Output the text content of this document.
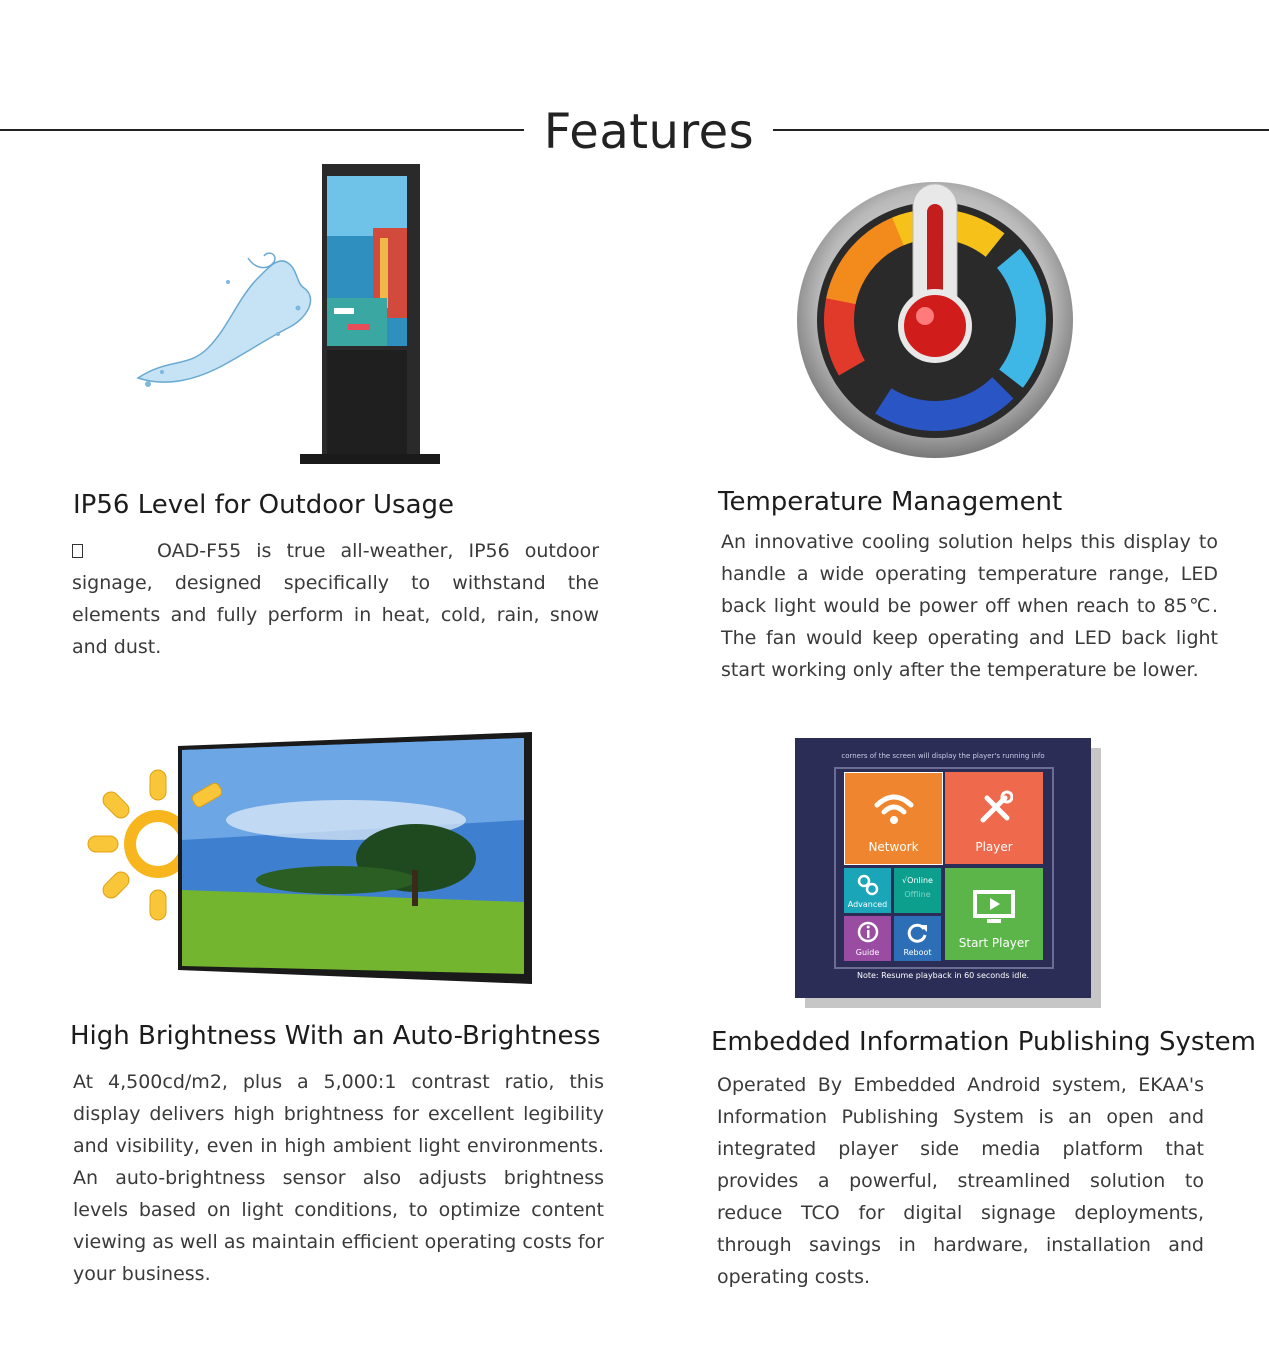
Features
IP56 Level for Outdoor Usage
OAD-F55 is true all-weather, IP56 outdoor signage, designed specifically to withstand the elements and fully perform in heat, cold, rain, snow and dust.
Temperature Management
An innovative cooling solution helps this display to handle a wide operating temperature range, LED back light would be power off when reach to 85℃. The fan would keep operating and LED back light start working only after the temperature be lower.
corners of the screen will display the player's running info
Network	Player
Advanced
√Online
Offline
Start Player
Guide	Reboot
Note: Resume playback in 60 seconds idle.
High Brightness With an Auto-Brightness
At 4,500cd/m2, plus a 5,000:1 contrast ratio, this display delivers high brightness for excellent legibility and visibility, even in high ambient light environments. An auto-brightness sensor also adjusts brightness levels based on light conditions, to optimize content viewing as well as maintain efficient operating costs for your business.
Embedded Information Publishing System
Operated By Embedded Android system, EKAA's Information Publishing System is an open and integrated player side media platform that provides a powerful, streamlined solution to reduce TCO for digital signage deployments, through savings in hardware, installation and operating costs.
